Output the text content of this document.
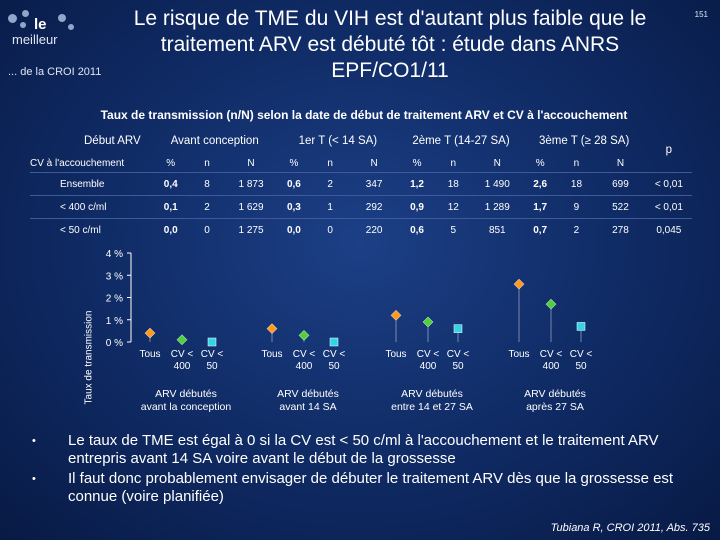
le
meilleur
... de la CROI 2011
Le risque de TME du VIH est d'autant plus faible que le traitement ARV est débuté tôt : étude dans ANRS EPF/CO1/11
151
Taux de transmission (n/N) selon la date de début de traitement ARV et CV à l'accouchement
Début ARV	Avant conception			1er T (< 14 SA)			2ème T (14-27 SA)			3ème T (≥ 28 SA)			p
CV à l'accouchement	%	n	N	%	n	N	%	n	N	%	n	N	
Ensemble	0,4	8	1 873	0,6	2	347	1,2	18	1 490	2,6	18	699	< 0,01
< 400 c/ml	0,1	2	1 629	0,3	1	292	0,9	12	1 289	1,7	9	522	< 0,01
< 50 c/ml	0,0	0	1 275	0,0	0	220	0,6	5	851	0,7	2	278	0,045
Taux de transmission 0 %
1 %
2 %
3 %
4 %
Tous CV <
400
CV <
50
ARV débutés
avant la conception
Tous CV <
400
CV <
50
ARV débutés
avant 14 SA
Tous CV <
400
CV <
50
ARV débutés
entre 14 et 27 SA
Tous CV <
400
CV <
50
ARV débutés
après 27 SA
•	Le taux de TME est égal à 0 si la CV est < 50 c/ml à l'accouchement et le traitement ARV entrepris avant 14 SA voire avant le début de la grossesse
•	Il faut donc probablement envisager de débuter le traitement ARV dès que la grossesse est connue (voire planifiée)
Tubiana R, CROI 2011, Abs. 735
